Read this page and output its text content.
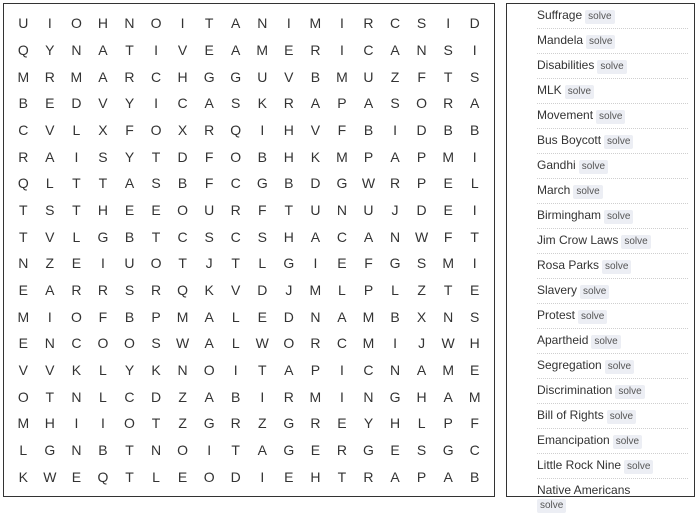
U	I	O	H	N	O	I	T	A	N	I	M	I	R	C	S	I	D
Q	Y	N	A	T	I	V	E	A	M	E	R	I	C	A	N	S	I
M	R	M	A	R	C	H	G	G	U	V	B	M	U	Z	F	T	S
B	E	D	V	Y	I	C	A	S	K	R	A	P	A	S	O	R	A
C	V	L	X	F	O	X	R	Q	I	H	V	F	B	I	D	B	B
R	A	I	S	Y	T	D	F	O	B	H	K	M	P	A	P	M	I
Q	L	T	T	A	S	B	F	C	G	B	D	G	W	R	P	E	L
T	S	T	H	E	E	O	U	R	F	T	U	N	U	J	D	E	I
T	V	L	G	B	T	C	S	C	S	H	A	C	A	N	W	F	T
N	Z	E	I	U	O	T	J	T	L	G	I	E	F	G	S	M	I
E	A	R	R	S	R	Q	K	V	D	J	M	L	P	L	Z	T	E
M	I	O	F	B	P	M	A	L	E	D	N	A	M	B	X	N	S
E	N	C	O	O	S	W	A	L	W	O	R	C	M	I	J	W	H
V	V	K	L	Y	K	N	O	I	T	A	P	I	C	N	A	M	E
O	T	N	L	C	D	Z	A	B	I	R	M	I	N	G	H	A	M
M	H	I	I	O	T	Z	G	R	Z	G	R	E	Y	H	L	P	F
L	G	N	B	T	N	O	I	T	A	G	E	R	G	E	S	G	C
K	W	E	Q	T	L	E	O	D	I	E	H	T	R	A	P	A	B
Suffrage solve
Mandela solve
Disabilities solve
MLK solve
Movement solve
Bus Boycott solve
Gandhi solve
March solve
Birmingham solve
Jim Crow Laws solve
Rosa Parks solve
Slavery solve
Protest solve
Apartheid solve
Segregation solve
Discrimination solve
Bill of Rights solve
Emancipation solve
Little Rock Nine solve
Native Americans
solve
